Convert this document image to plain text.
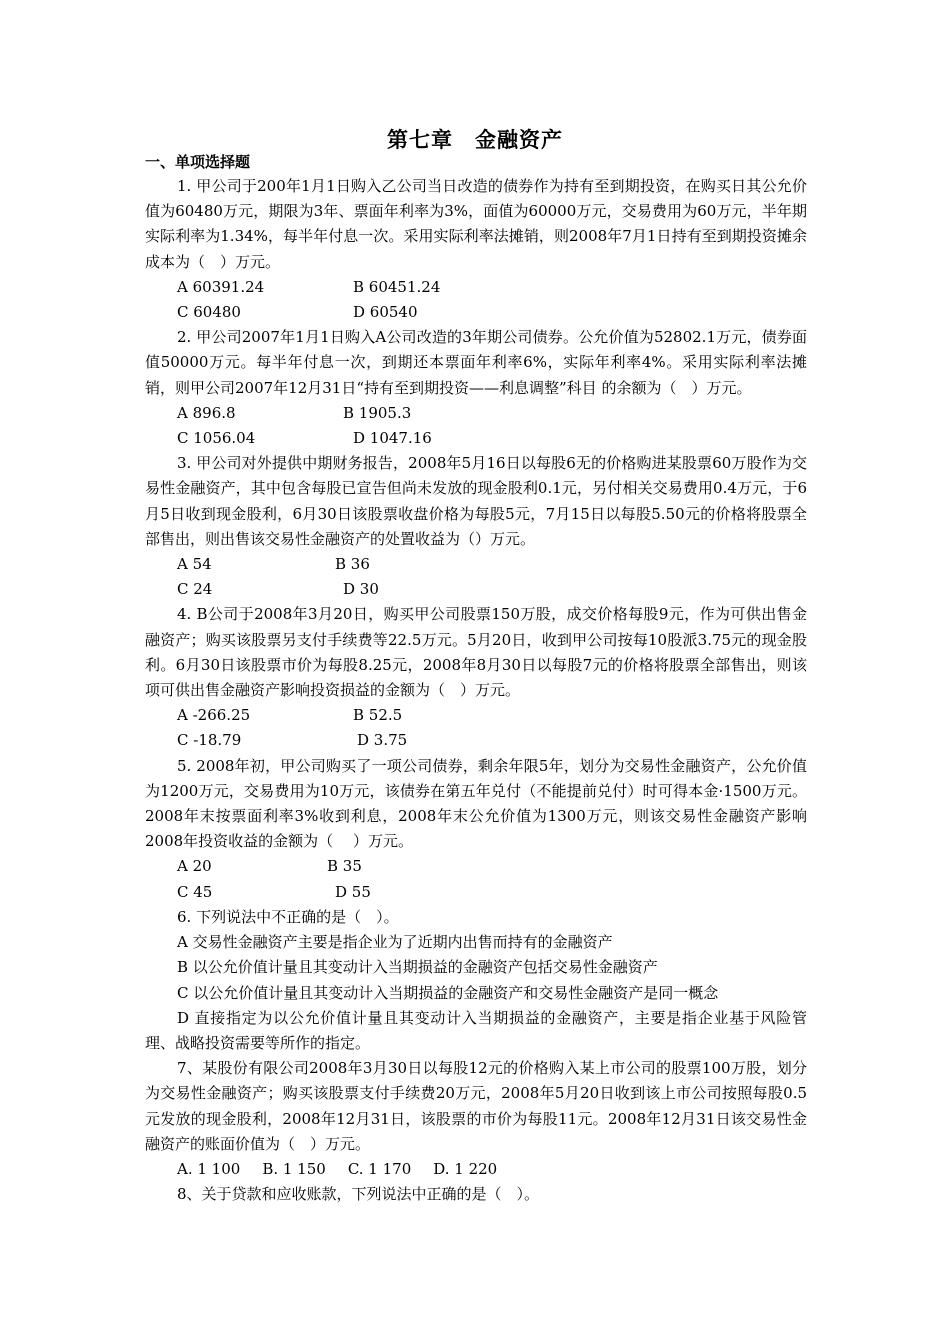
第七章 金融资产
一、单项选择题

1. 甲公司于200年1月1日购入乙公司当日改造的债券作为持有至到期投资，在购买日其公允价值为60480万元，期限为3年、票面年利率为3%，面值为60000万元，交易费用为60万元，半年期实际利率为1.34%，每半年付息一次。采用实际利率法摊销，则2008年7月1日持有至到期投资摊余成本为（　）万元。

A 60391.24	B 60451.24

C 60480	D 60540

2. 甲公司2007年1月1日购入A公司改造的3年期公司债券。公允价值为52802.1万元，债券面值50000万元。每半年付息一次，到期还本票面年利率6%，实际年利率4%。采用实际利率法摊销，则甲公司2007年12月31日“持有至到期投资——利息调整”科目 的余额为（　）万元。

A 896.8	B 1905.3

C 1056.04	D 1047.16

3. 甲公司对外提供中期财务报告，2008年5月16日以每股6无的价格购进某股票60万股作为交易性金融资产，其中包含每股已宣告但尚未发放的现金股利0.1元，另付相关交易费用0.4万元，于6月5日收到现金股利，6月30日该股票收盘价格为每股5元，7月15日以每股5.50元的价格将股票全部售出，则出售该交易性金融资产的处置收益为（）万元。

A 54	B 36

C 24	D 30

4. B公司于2008年3月20日，购买甲公司股票150万股，成交价格每股9元，作为可供出售金融资产；购买该股票另支付手续费等22.5万元。5月20日，收到甲公司按每10股派3.75元的现金股利。6月30日该股票市价为每股8.25元，2008年8月30日以每股7元的价格将股票全部售出，则该项可供出售金融资产影响投资损益的金额为（　）万元。

A -266.25	B 52.5

C -18.79	D 3.75

5. 2008年初，甲公司购买了一项公司债券，剩余年限5年，划分为交易性金融资产，公允价值为1200万元，交易费用为10万元，该债券在第五年兑付（不能提前兑付）时可得本金·1500万元。2008年末按票面利率3%收到利息，2008年末公允价值为1300万元，则该交易性金融资产影响2008年投资收益的金额为（　 ）万元。

A 20	B 35

C 45	D 55

6. 下列说法中不正确的是（　）。

A 交易性金融资产主要是指企业为了近期内出售而持有的金融资产

B 以公允价值计量且其变动计入当期损益的金融资产包括交易性金融资产

C 以公允价值计量且其变动计入当期损益的金融资产和交易性金融资产是同一概念

D 直接指定为以公允价值计量且其变动计入当期损益的金融资产，主要是指企业基于风险管理、战略投资需要等所作的指定。

7、某股份有限公司2008年3月30日以每股12元的价格购入某上市公司的股票100万股，划分为交易性金融资产；购买该股票支付手续费20万元，2008年5月20日收到该上市公司按照每股0.5元发放的现金股利，2008年12月31日，该股票的市价为每股11元。2008年12月31日该交易性金融资产的账面价值为（　）万元。

A. 1 100 B. 1 150 C. 1 170 D. 1 220

8、关于贷款和应收账款，下列说法中正确的是（　）。
